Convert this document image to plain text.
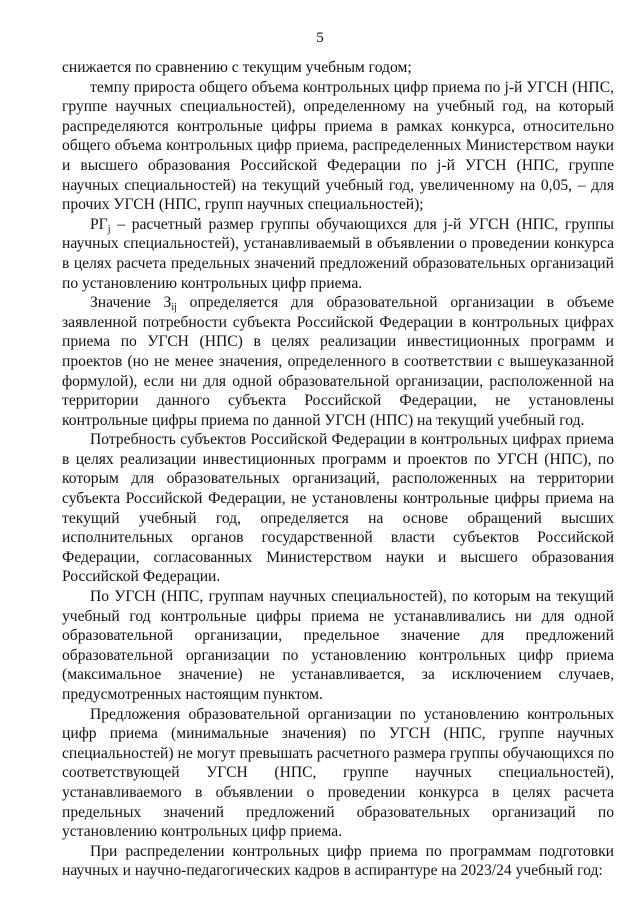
5

снижается по сравнению с текущим учебным годом;

темпу прироста общего объема контрольных цифр приема по j-й УГСН (НПС, группе научных специальностей), определенному на учебный год, на который распределяются контрольные цифры приема в рамках конкурса, относительно общего объема контрольных цифр приема, распределенных Министерством науки и высшего образования Российской Федерации по j-й УГСН (НПС, группе научных специальностей) на текущий учебный год, увеличенному на 0,05, – для прочих УГСН (НПС, групп научных специальностей);

$РГ_j$ – расчетный размер группы обучающихся для j-й УГСН (НПС, группы научных специальностей), устанавливаемый в объявлении о проведении конкурса в целях расчета предельных значений предложений образовательных организаций по установлению контрольных цифр приема.

Значение $З_{ij}$ определяется для образовательной организации в объеме заявленной потребности субъекта Российской Федерации в контрольных цифрах приема по УГСН (НПС) в целях реализации инвестиционных программ и проектов (но не менее значения, определенного в соответствии с вышеуказанной формулой), если ни для одной образовательной организации, расположенной на территории данного субъекта Российской Федерации, не установлены контрольные цифры приема по данной УГСН (НПС) на текущий учебный год.

Потребность субъектов Российской Федерации в контрольных цифрах приема в целях реализации инвестиционных программ и проектов по УГСН (НПС), по которым для образовательных организаций, расположенных на территории субъекта Российской Федерации, не установлены контрольные цифры приема на текущий учебный год, определяется на основе обращений высших исполнительных органов государственной власти субъектов Российской Федерации, согласованных Министерством науки и высшего образования Российской Федерации.

По УГСН (НПС, группам научных специальностей), по которым на текущий учебный год контрольные цифры приема не устанавливались ни для одной образовательной организации, предельное значение для предложений образовательной организации по установлению контрольных цифр приема (максимальное значение) не устанавливается, за исключением случаев, предусмотренных настоящим пунктом.

Предложения образовательной организации по установлению контрольных цифр приема (минимальные значения) по УГСН (НПС, группе научных специальностей) не могут превышать расчетного размера группы обучающихся по соответствующей УГСН (НПС, группе научных специальностей), устанавливаемого в объявлении о проведении конкурса в целях расчета предельных значений предложений образовательных организаций по установлению контрольных цифр приема.

При распределении контрольных цифр приема по программам подготовки научных и научно-педагогических кадров в аспирантуре на 2023/24 учебный год:
